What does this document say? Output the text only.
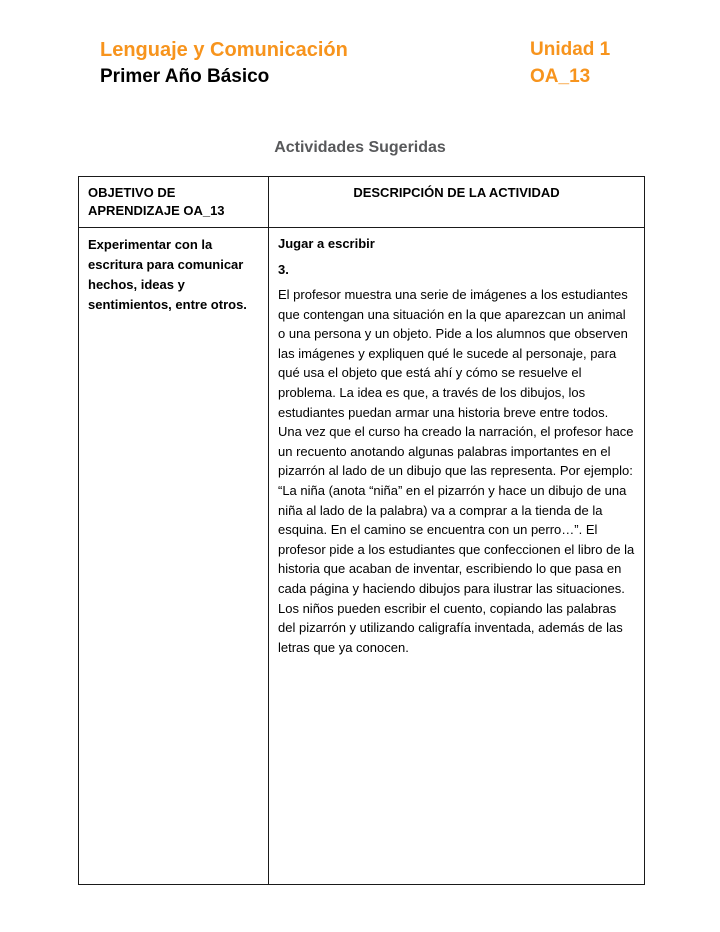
Lenguaje y Comunicación
Primer Año Básico
Unidad 1
OA_13
Actividades Sugeridas
OBJETIVO DE APRENDIZAJE OA_13
DESCRIPCIÓN DE LA ACTIVIDAD
Experimentar con la escritura para comunicar hechos, ideas y sentimientos, entre otros.

Jugar a escribir

3.

El profesor muestra una serie de imágenes a los estudiantes que contengan una situación en la que aparezcan un animal o una persona y un objeto. Pide a los alumnos que observen las imágenes y expliquen qué le sucede al personaje, para qué usa el objeto que está ahí y cómo se resuelve el problema. La idea es que, a través de los dibujos, los estudiantes puedan armar una historia breve entre todos. Una vez que el curso ha creado la narración, el profesor hace un recuento anotando algunas palabras importantes en el pizarrón al lado de un dibujo que las representa. Por ejemplo: “La niña (anota “niña” en el pizarrón y hace un dibujo de una niña al lado de la palabra) va a comprar a la tienda de la esquina. En el camino se encuentra con un perro…”. El profesor pide a los estudiantes que confeccionen el libro de la historia que acaban de inventar, escribiendo lo que pasa en cada página y haciendo dibujos para ilustrar las situaciones. Los niños pueden escribir el cuento, copiando las palabras del pizarrón y utilizando caligrafía inventada, además de las letras que ya conocen.
